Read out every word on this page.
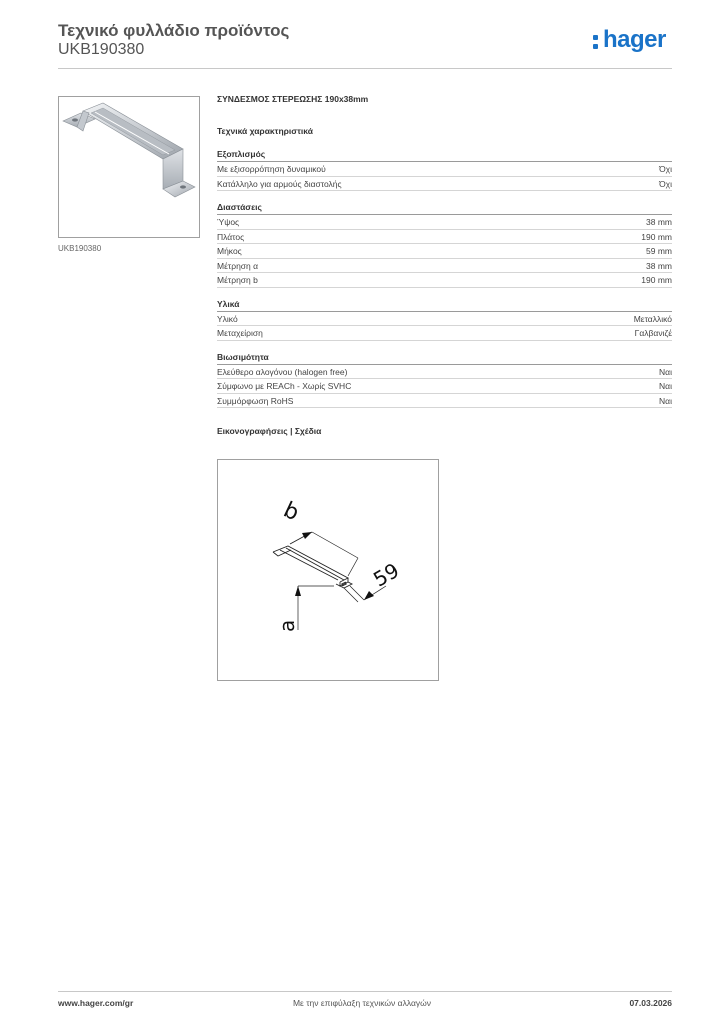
Τεχνικό φυλλάδιο προϊόντος
UKB190380	hager
UKB190380
ΣΥΝΔΕΣΜΟΣ ΣΤΕΡΕΩΣΗΣ 190x38mm
Τεχνικά χαρακτηριστικά
Εξοπλισμός
Με εξισορρόπηση δυναμικού	Όχι
Κατάλληλο για αρμούς διαστολής	Όχι
Διαστάσεις
Ύψος	38 mm
Πλάτος	190 mm
Μήκος	59 mm
Μέτρηση α	38 mm
Μέτρηση b	190 mm
Υλικά
Υλικό	Μεταλλικό
Μεταχείριση	Γαλβανιζέ
Βιωσιμότητα
Ελεύθερο αλογόνου (halogen free)	Ναι
Σύμφωνο με REACh - Χωρίς SVHC	Ναι
Συμμόρφωση RoHS	Ναι
Εικονογραφήσεις | Σχέδια
b
59
a
www.hager.com/gr	Με την επιφύλαξη τεχνικών αλλαγών	07.03.2026
